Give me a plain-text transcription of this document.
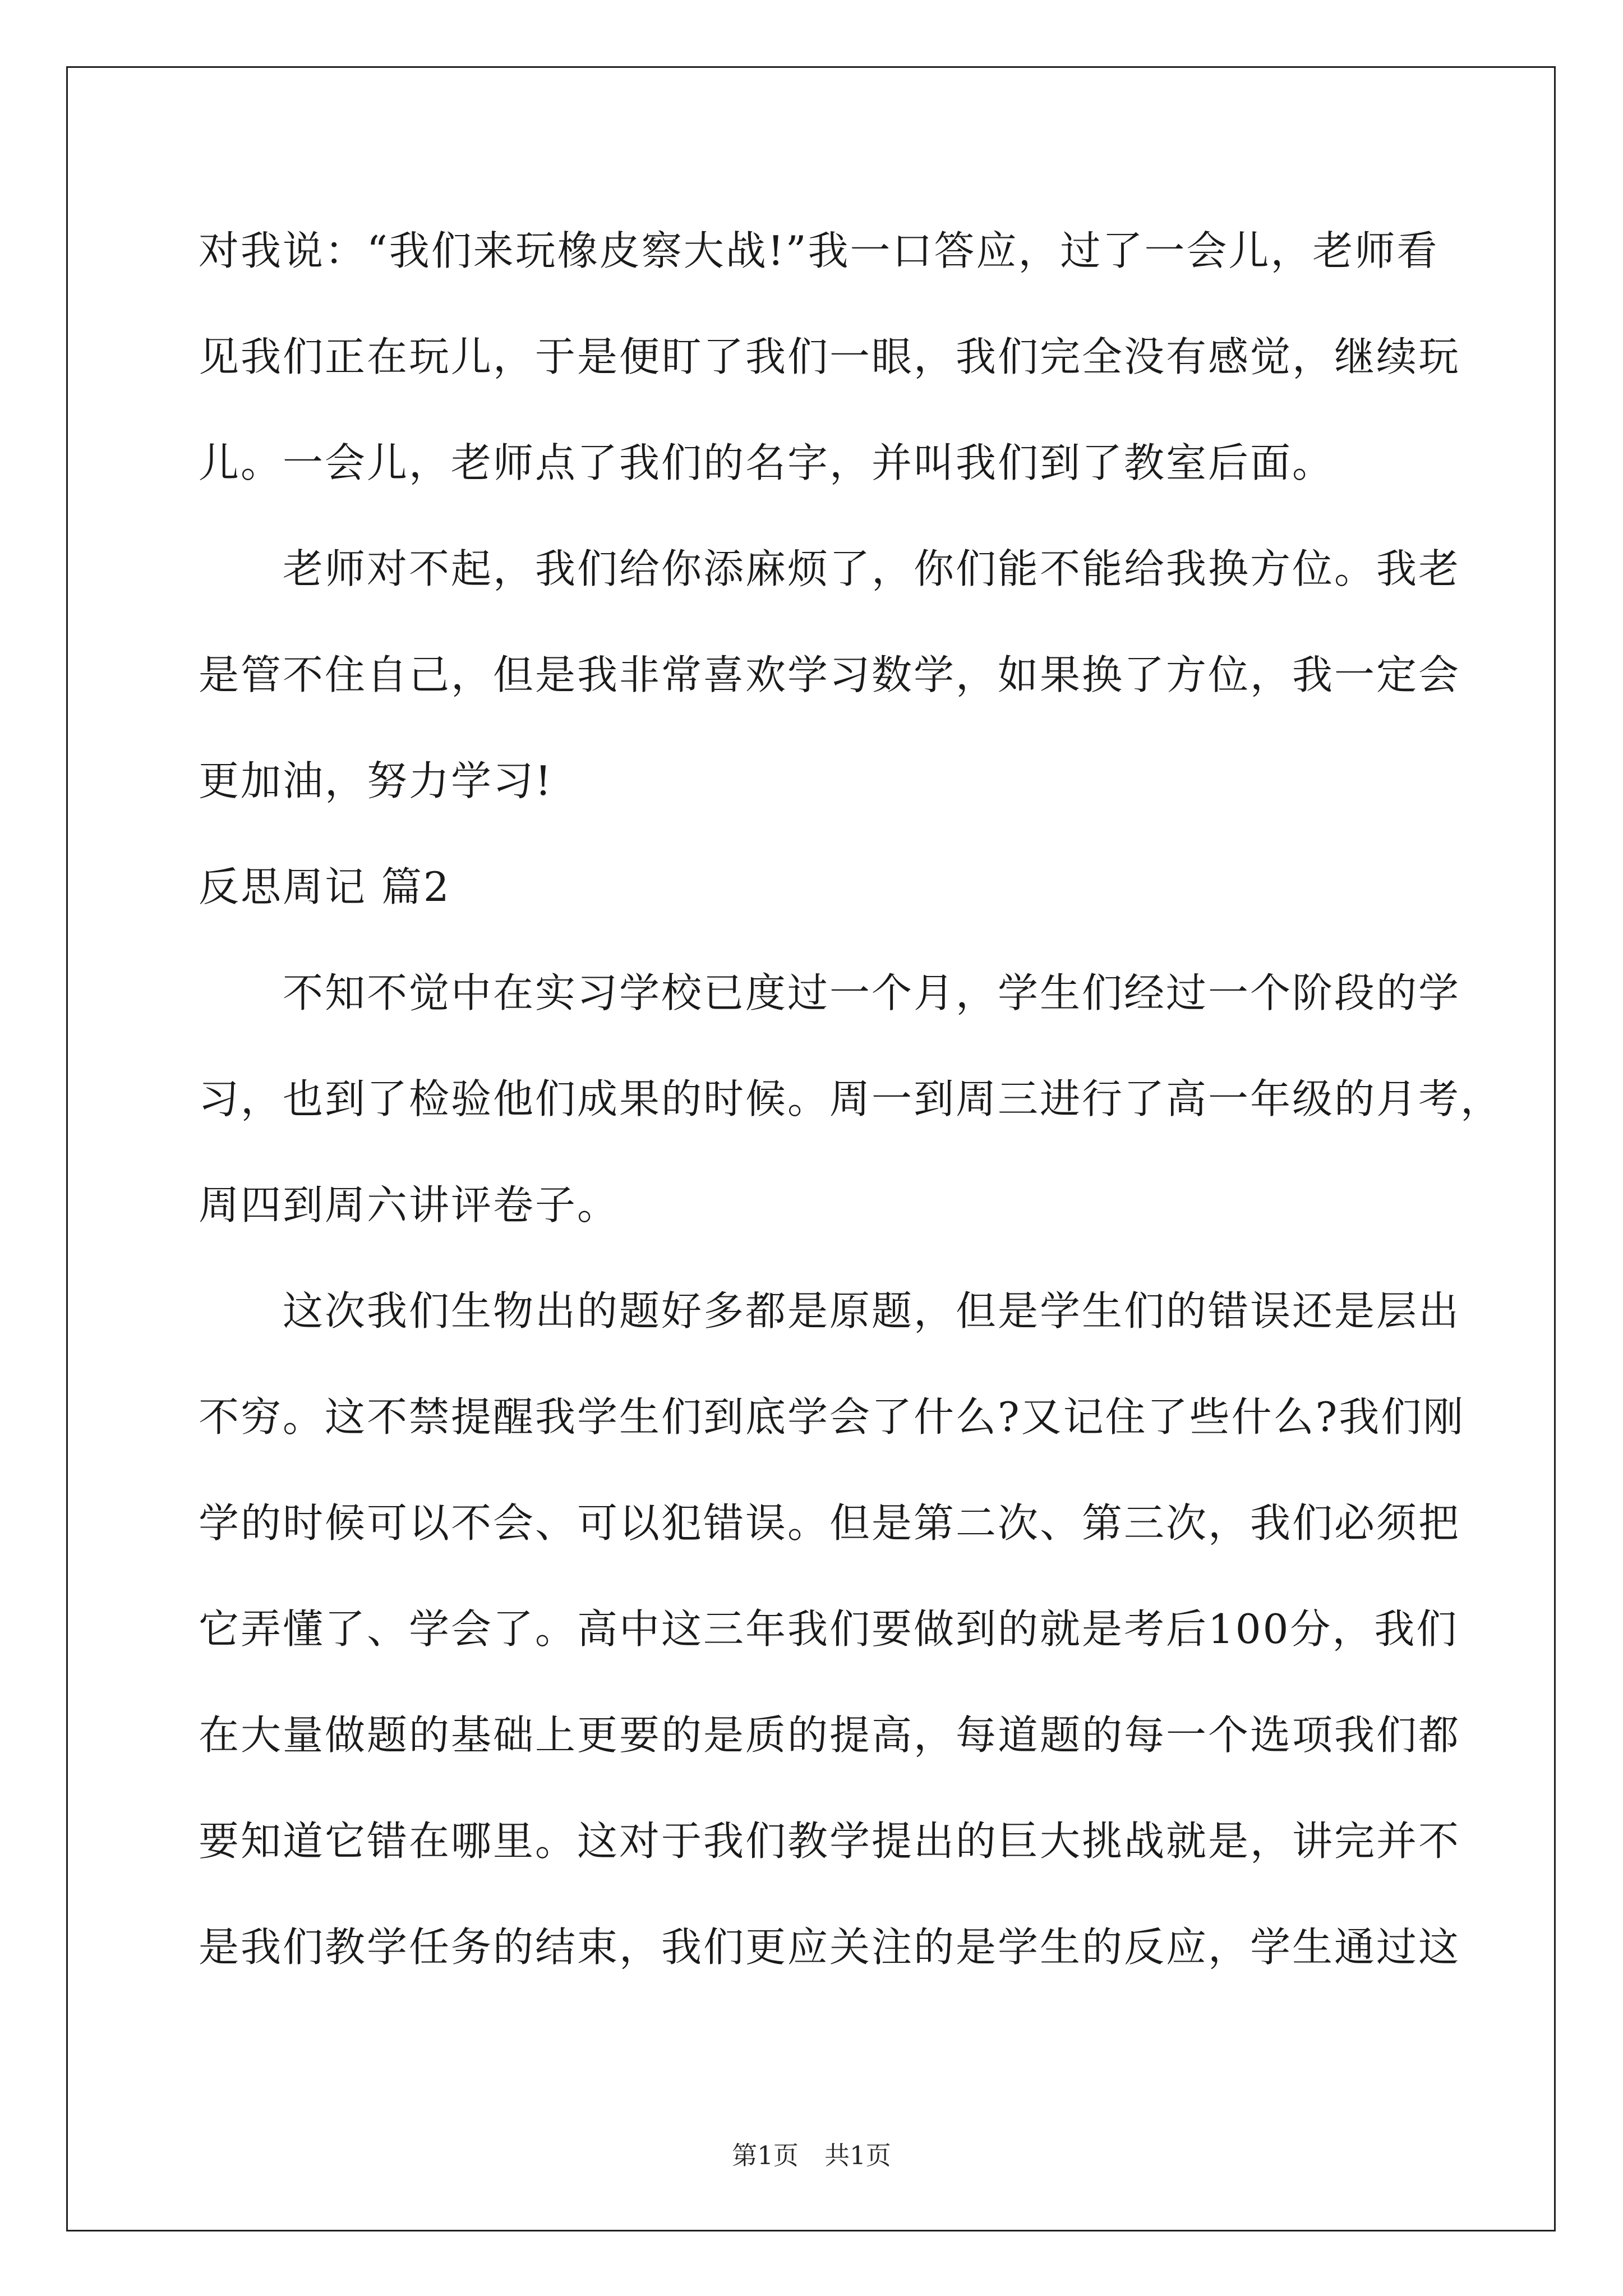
对我说：“我们来玩橡皮察大战!”我一口答应，过了一会儿，老师看
见我们正在玩儿，于是便盯了我们一眼，我们完全没有感觉，继续玩
儿。一会儿，老师点了我们的名字，并叫我们到了教室后面。
老师对不起，我们给你添麻烦了，你们能不能给我换方位。我老
是管不住自己，但是我非常喜欢学习数学，如果换了方位，我一定会
更加油，努力学习!
反思周记 篇2
不知不觉中在实习学校已度过一个月，学生们经过一个阶段的学
习，也到了检验他们成果的时候。周一到周三进行了高一年级的月考，
周四到周六讲评卷子。
这次我们生物出的题好多都是原题，但是学生们的错误还是层出
不穷。这不禁提醒我学生们到底学会了什么?又记住了些什么?我们刚
学的时候可以不会、可以犯错误。但是第二次、第三次，我们必须把
它弄懂了、学会了。高中这三年我们要做到的就是考后100分，我们
在大量做题的基础上更要的是质的提高，每道题的每一个选项我们都
要知道它错在哪里。这对于我们教学提出的巨大挑战就是，讲完并不
是我们教学任务的结束，我们更应关注的是学生的反应，学生通过这
第1页 共1页
